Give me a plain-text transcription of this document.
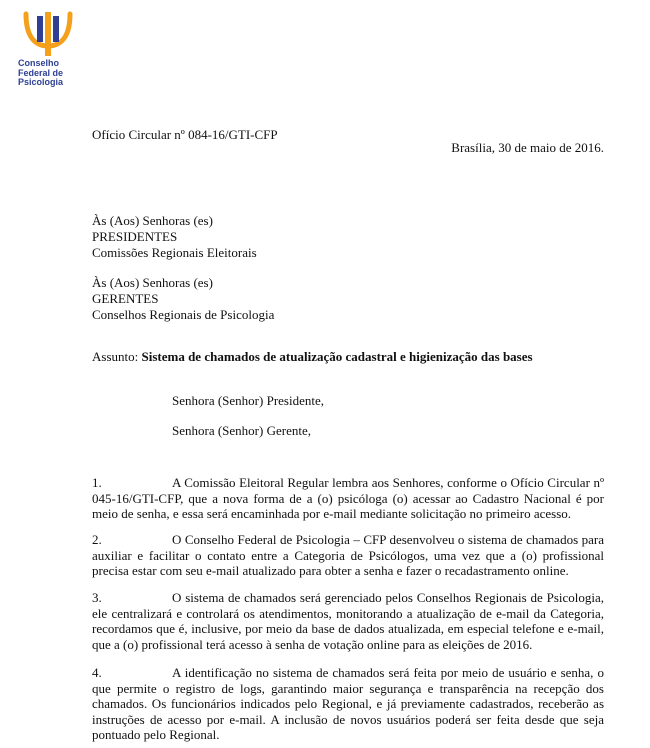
Conselho
Federal de
Psicologia
Ofício Circular nº 084-16/GTI-CFP
Brasília, 30 de maio de 2016.
Às (Aos) Senhoras (es)
PRESIDENTES
Comissões Regionais Eleitorais
Às (Aos) Senhoras (es)
GERENTES
Conselhos Regionais de Psicologia
Assunto: Sistema de chamados de atualização cadastral e higienização das bases
Senhora (Senhor) Presidente,
Senhora (Senhor) Gerente,
1.	A Comissão Eleitoral Regular lembra aos Senhores, conforme o Ofício Circular nº 045-16/GTI-CFP, que a nova forma de a (o) psicóloga (o) acessar ao Cadastro Nacional é por meio de senha, e essa será encaminhada por e-mail mediante solicitação no primeiro acesso.
2.	O Conselho Federal de Psicologia – CFP desenvolveu o sistema de chamados para auxiliar e facilitar o contato entre a Categoria de Psicólogos, uma vez que a (o) profissional precisa estar com seu e-mail atualizado para obter a senha e fazer o recadastramento online.
3.	O sistema de chamados será gerenciado pelos Conselhos Regionais de Psicologia, ele centralizará e controlará os atendimentos, monitorando a atualização de e-mail da Categoria, recordamos que é, inclusive, por meio da base de dados atualizada, em especial telefone e e-mail, que a (o) profissional terá acesso à senha de votação online para as eleições de 2016.
4.	A identificação no sistema de chamados será feita por meio de usuário e senha, o que permite o registro de logs, garantindo maior segurança e transparência na recepção dos chamados. Os funcionários indicados pelo Regional, e já previamente cadastrados, receberão as instruções de acesso por e-mail. A inclusão de novos usuários poderá ser feita desde que seja pontuado pelo Regional.
